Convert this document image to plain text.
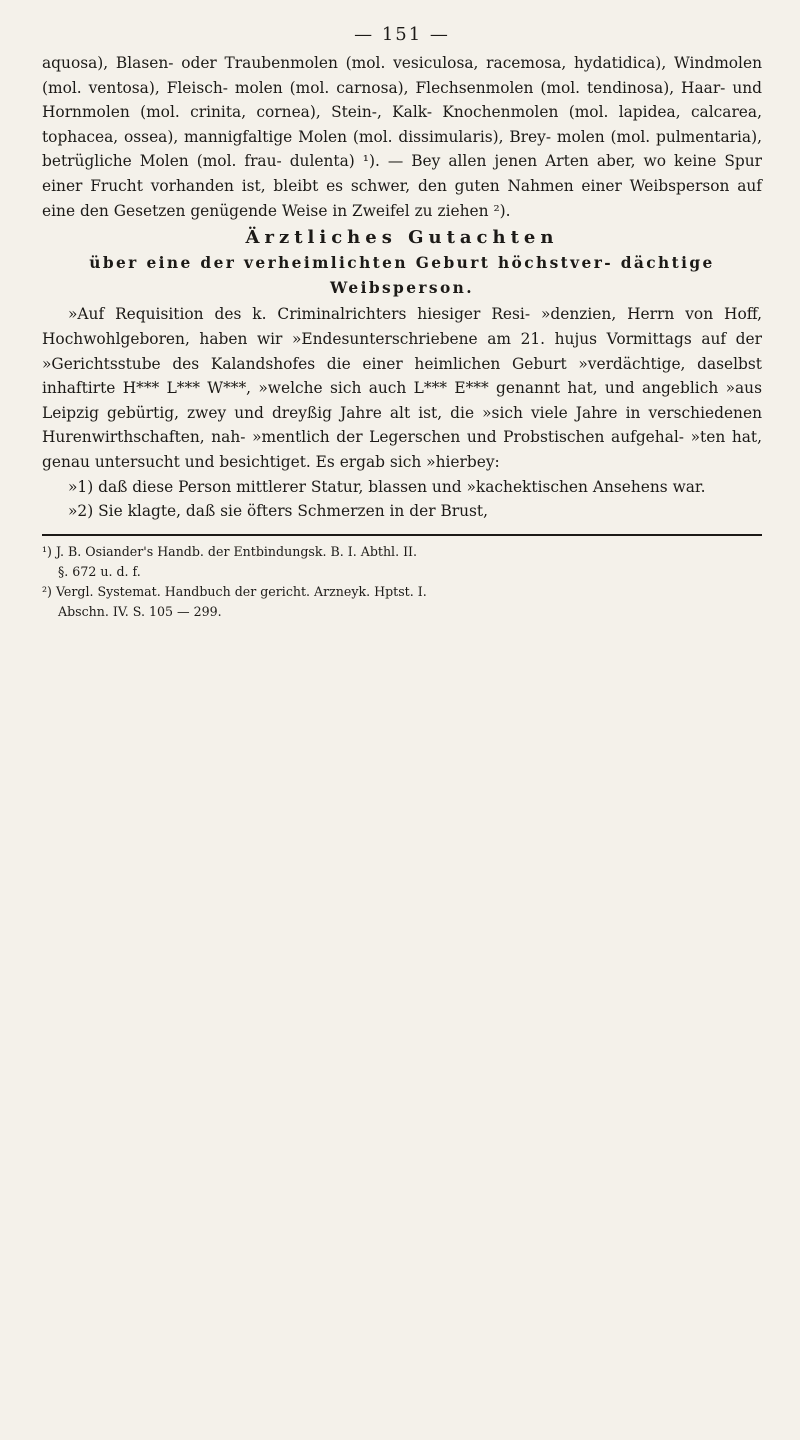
— 151 —

aquosa), Blasen- oder Traubenmolen (mol. vesiculosa, racemosa, hydatidica), Windmolen (mol. ventosa), Fleisch- molen (mol. carnosa), Flechsenmolen (mol. tendinosa), Haar- und Hornmolen (mol. crinita, cornea), Stein-, Kalk- Knochenmolen (mol. lapidea, calcarea, tophacea, ossea), mannigfaltige Molen (mol. dissimularis), Brey- molen (mol. pulmentaria), betrügliche Molen (mol. frau- dulenta) ¹). — Bey allen jenen Arten aber, wo keine Spur einer Frucht vorhanden ist, bleibt es schwer, den guten Nahmen einer Weibsperson auf eine den Gesetzen genügende Weise in Zweifel zu ziehen ²).

Ärztliches Gutachten
über eine der verheimlichten Geburt höchstver- dächtige Weibsperson.

»Auf Requisition des k. Criminalrichters hiesiger Resi- »denzien, Herrn von Hoff, Hochwohlgeboren, haben wir »Endesunterschriebene am 21. hujus Vormittags auf der »Gerichtsstube des Kalandshofes die einer heimlichen Geburt »verdächtige, daselbst inhaftirte H*** L*** W***, »welche sich auch L*** E*** genannt hat, und angeblich »aus Leipzig gebürtig, zwey und dreyßig Jahre alt ist, die »sich viele Jahre in verschiedenen Hurenwirthschaften, nah- »mentlich der Legerschen und Probstischen aufgehal- »ten hat, genau untersucht und besichtiget. Es ergab sich »hierbey:

»1) daß diese Person mittlerer Statur, blassen und »kachektischen Ansehens war.

»2) Sie klagte, daß sie öfters Schmerzen in der Brust,

¹) J. B. Osiander's Handb. der Entbindungsk. B. I. Abthl. II.

§. 672 u. d. f.

²) Vergl. Systemat. Handbuch der gericht. Arzneyk. Hptst. I.

Abschn. IV. S. 105 — 299.
